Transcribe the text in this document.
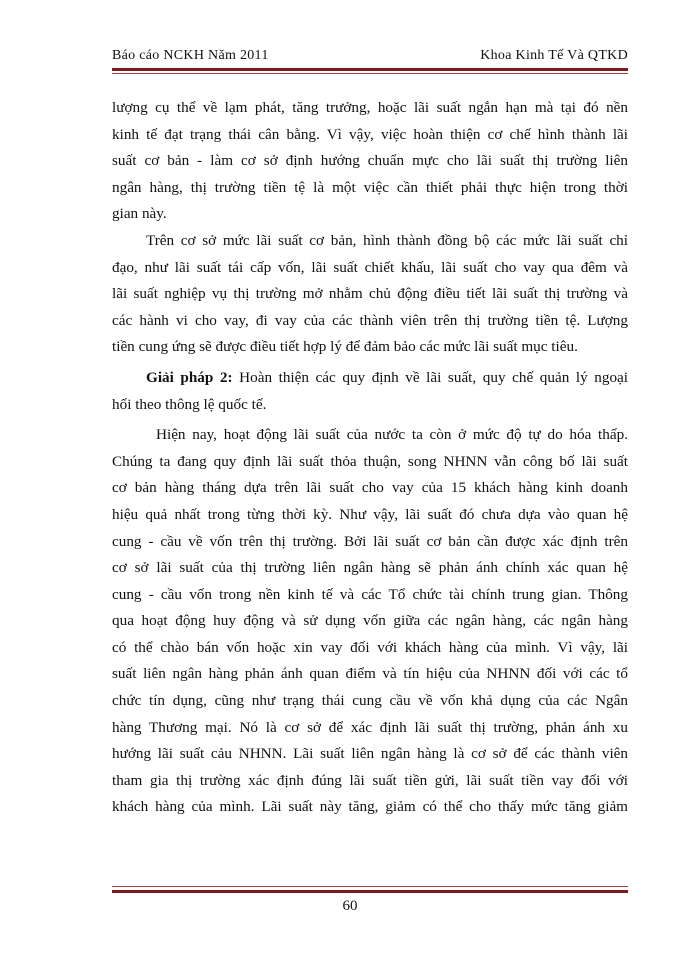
Báo cáo NCKH Năm 2011	Khoa Kinh Tế Và QTKD
lượng cụ thể về lạm phát, tăng trưởng, hoặc lãi suất ngắn hạn mà tại đó nền
kinh tế đạt trạng thái cân bằng. Vì vậy, việc hoàn thiện cơ chế hình thành lãi
suất cơ bản - làm cơ sở định hướng chuẩn mực cho lãi suất thị trường liên
ngân hàng, thị trường tiền tệ là một việc cần thiết phải thực hiện trong thời
gian này.
Trên cơ sở mức lãi suất cơ bản, hình thành đồng bộ các mức lãi suất chỉ
đạo, như lãi suất tái cấp vốn, lãi suất chiết khấu, lãi suất cho vay qua đêm và
lãi suất nghiệp vụ thị trường mở nhằm chủ động điều tiết lãi suất thị trường và
các hành vi cho vay, đi vay của các thành viên trên thị trường tiền tệ. Lượng
tiền cung ứng sẽ được điều tiết hợp lý để đảm bảo các mức lãi suất mục tiêu.
Giải pháp 2: Hoàn thiện các quy định về lãi suất, quy chế quản lý ngoại
hối theo thông lệ quốc tế.
Hiện nay, hoạt động lãi suất của nước ta còn ở mức độ tự do hóa thấp.
Chúng ta đang quy định lãi suất thỏa thuận, song NHNN vẫn công bố lãi suất
cơ bản hàng tháng dựa trên lãi suất cho vay của 15 khách hàng kinh doanh
hiệu quả nhất trong từng thời kỳ. Như vậy, lãi suất đó chưa dựa vào quan hệ
cung - cầu về vốn trên thị trường. Bởi lãi suất cơ bản cần được xác định trên
cơ sở lãi suất của thị trường liên ngân hàng sẽ phản ánh chính xác quan hệ
cung - cầu vốn trong nền kinh tế và các Tổ chức tài chính trung gian. Thông
qua hoạt động huy động và sử dụng vốn giữa các ngân hàng, các ngân hàng
có thể chào bán vốn hoặc xin vay đối với khách hàng của mình. Vì vậy, lãi
suất liên ngân hàng phản ánh quan điểm và tín hiệu của NHNN đối với các tổ
chức tín dụng, cũng như trạng thái cung cầu về vốn khả dụng của các Ngân
hàng Thương mại. Nó là cơ sở để xác định lãi suất thị trường, phản ánh xu
hướng lãi suất cảu NHNN. Lãi suất liên ngân hàng là cơ sở để các thành viên
tham gia thị trường xác định đúng lãi suất tiền gửi, lãi suất tiền vay đối với
khách hàng của mình. Lãi suất này tăng, giảm có thể cho thấy mức tăng giảm
60
